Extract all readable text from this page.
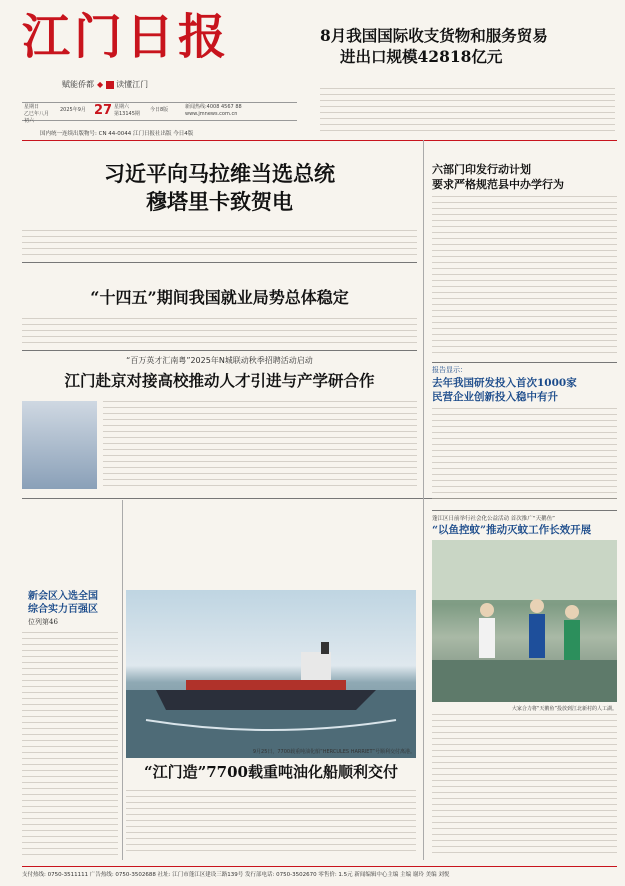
江门日报
赋能侨都 ◆ 读懂江门
星期日
乙巳年八月初六
2025年9月 27 星期六
第13145期
今日8版	新闻热线:4008 4567 88
www.jmnews.com.cn
国内统一连续出版物号: CN 44-0044 江门日报社出版 今日4版
8月我国国际收支货物和服务贸易
进出口规模42818亿元
习近平向马拉维当选总统
穆塔里卡致贺电
“十四五”期间我国就业局势总体稳定
“百万英才汇南粤”2025年N城联动秋季招聘活动启动
江门赴京对接高校推动人才引进与产学研合作
新会区入选全国
综合实力百强区
位列第46
9月25日，7700载重吨油化船“HERCULES HARRIET”号顺利交付离港。
“江门造”7700载重吨油化船顺利交付
六部门印发行动计划
要求严格规范县中办学行为
报告显示：
去年我国研发投入首次1000家
民营企业创新投入稳中有升
蓬江区日前举行社会化公益活动 首次推广“天鹅鱼”
“以鱼控蚊”推动灭蚊工作长效开展
大家合力将“天鹅鱼”投放到江北新村的人工湖。
支付热线: 0750-3511111 广告热线: 0750-3502688 社址: 江门市蓬江区建设三路139号 发行部电话: 0750-3502670 零售价: 1.5元 新闻编辑中心主编 主编 谢玲 美编 刘悦
